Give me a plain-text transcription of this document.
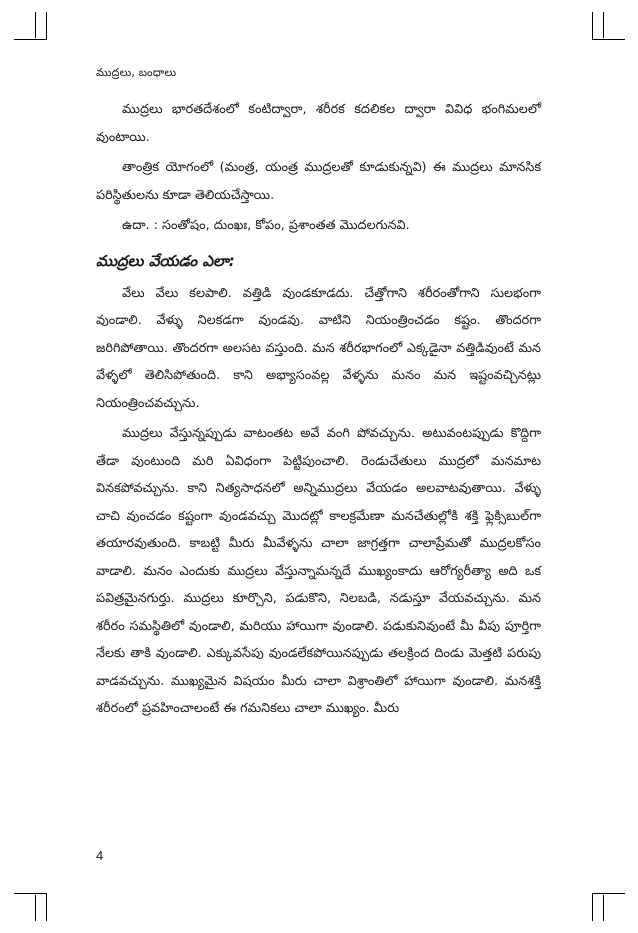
ముద్రలు, బంధాలు

ముద్రలు భారతదేశంలో కంటిద్వారా, శరీరక కదలికల ద్వారా వివిధ భంగిమలలో వుంటాయి.

తాంత్రిక యోగంలో (మంత్ర, యంత్ర ముద్రలతో కూడుకున్నవి) ఈ ముద్రలు మానసిక పరిస్థితులను కూడా తెలియచేస్తాయి.

ఉదా. : సంతోషం, దుంఖః, కోపం, ప్రశాంతత మొదలగునవి.

ముద్రలు వేయడం ఎలా:

వేలు వేలు కలపాలి. వత్తిడి వుండకూడదు. చేత్తోగాని శరీరంతోగాని సులభంగా వుండాలి. వేళ్ళు నిలకడగా వుండవు. వాటిని నియంత్రించడం కష్టం. తొందరగా జరిగిపోతాయి. తొందరగా అలసట వస్తుంది. మన శరీరభాగంలో ఎక్కడైనా వత్తిడివుంటే మన వేళ్ళలో తెలిసిపోతుంది. కాని అభ్యాసంవల్ల వేళ్ళను మనం మన ఇష్టంవచ్చినట్లు నియంత్రించవచ్చును.

ముద్రలు వేస్తున్నప్పుడు వాటంతట అవే వంగి పోవచ్చును. అటువంటప్పుడు కొద్దిగా తేడా వుంటుంది మరి ఏవిధంగా పెట్టిపుంచాలి. రెండుచేతులు ముద్రలో మనమాట వినకపోవచ్చును. కాని నిత్యసాధనలో అన్నిముద్రలు వేయడం అలవాటవుతాయి. వేళ్ళు చాచి వుంచడం కష్టంగా వుండవచ్చు మొదట్లో కాలక్రమేణా మనచేతుల్లోకి శక్తి ఫ్లెక్సిబుల్‌గా తయారవుతుంది. కాబట్టి మీరు మీవేళ్ళను చాలా జాగ్రత్తగా చాలాప్రేమతో ముద్రలకోసం వాడాలి. మనం ఎందుకు ముద్రలు వేస్తున్నామన్నదే ముఖ్యంకాదు ఆరోగ్యరీత్యా అది ఒక పవిత్రమైనగుర్తు. ముద్రలు కూర్చొని, పడుకొని, నిలబడి, నడుస్తూ వేయవచ్చును. మన శరీరం సమస్థితిలో వుండాలి, మరియు హాయిగా వుండాలి. పడుకునివుంటే మీ వీపు పూర్తిగా నేలకు తాకి వుండాలి. ఎక్కువసేపు వుండలేకపోయినప్పుడు తలక్రింద దిండు మెత్తటి పరుపు వాడవచ్చును. ముఖ్యమైన విషయం మీరు చాలా విశ్రాంతిలో హాయిగా వుండాలి. మనశక్తి శరీరంలో ప్రవహించాలంటే ఈ గమనికలు చాలా ముఖ్యం. మీరు

4
